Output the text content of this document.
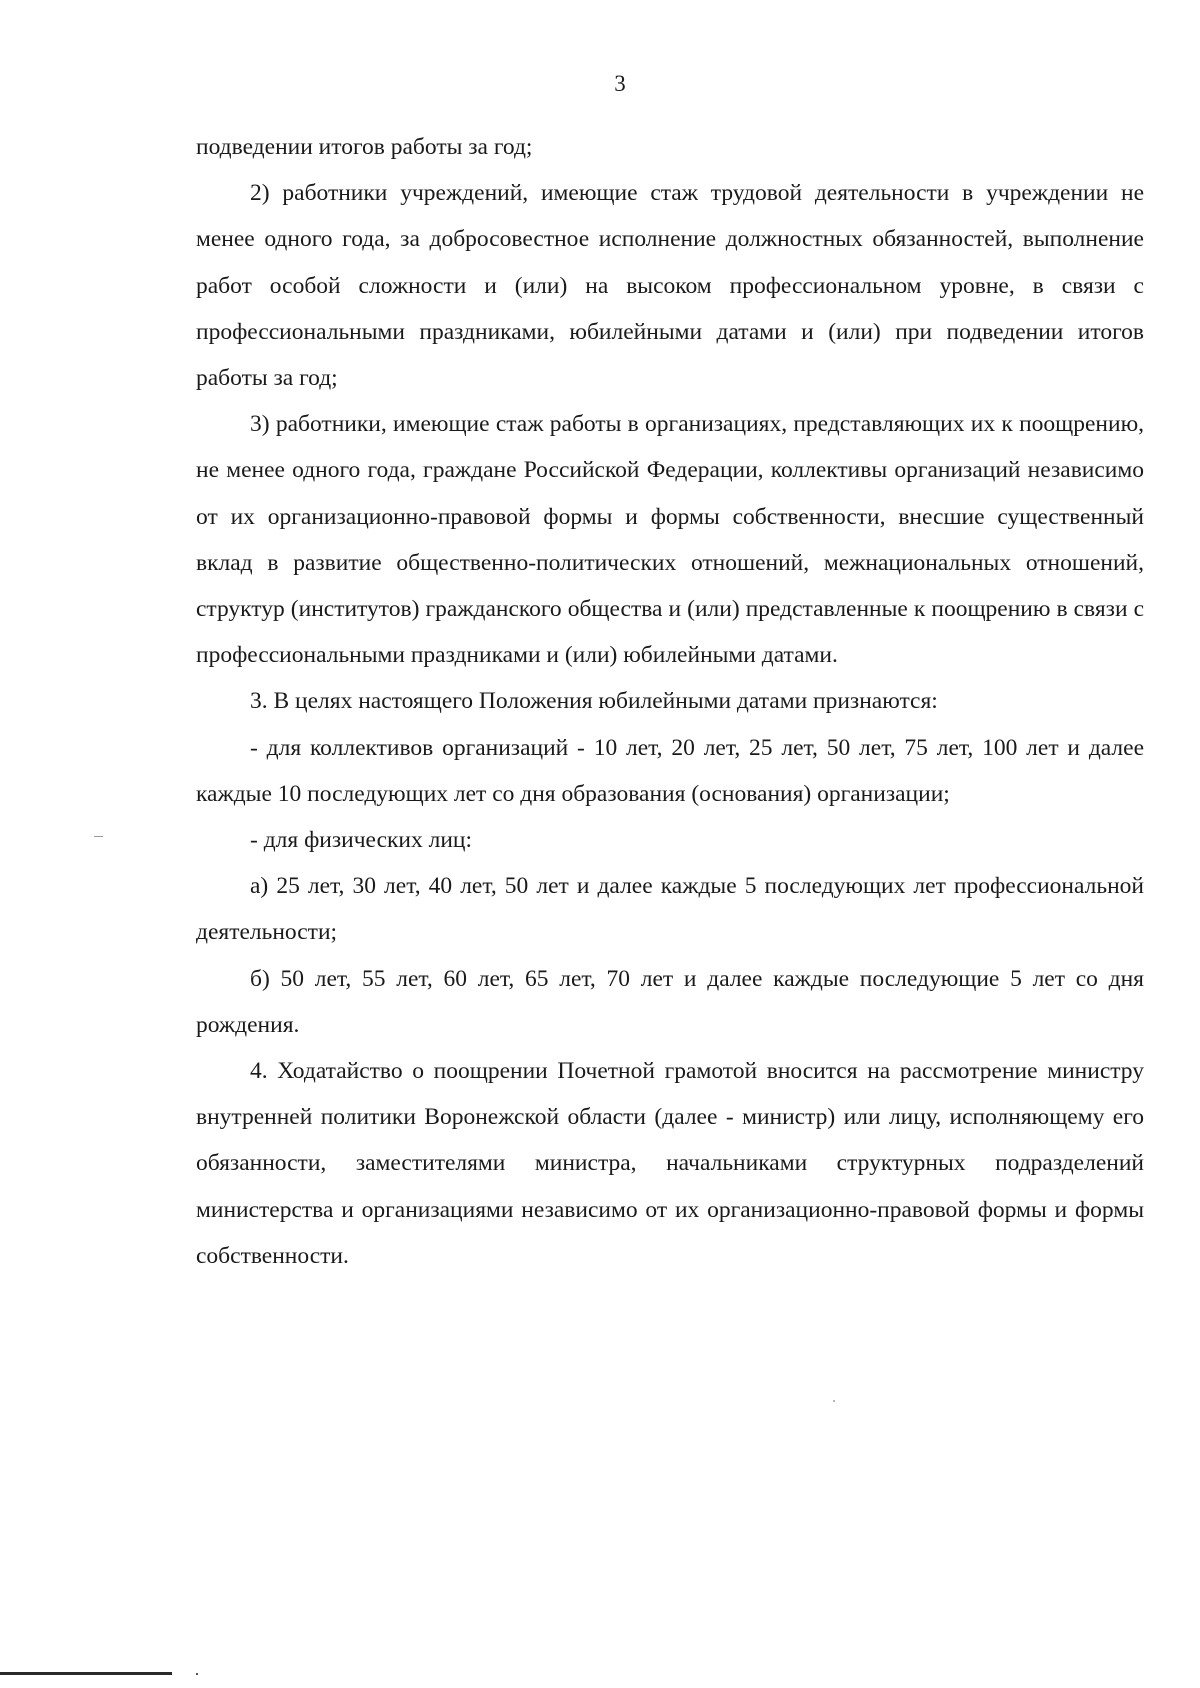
3

подведении итогов работы за год;

2) работники учреждений, имеющие стаж трудовой деятельности в учреждении не менее одного года, за добросовестное исполнение должностных обязанностей, выполнение работ особой сложности и (или) на высоком профессиональном уровне, в связи с профессиональными праздниками, юбилейными датами и (или) при подведении итогов работы за год;

3) работники, имеющие стаж работы в организациях, представляющих их к поощрению, не менее одного года, граждане Российской Федерации, коллективы организаций независимо от их организационно-правовой формы и формы собственности, внесшие существенный вклад в развитие общественно-политических отношений, межнациональных отношений, структур (институтов) гражданского общества и (или) представленные к поощрению в связи с профессиональными праздниками и (или) юбилейными датами.

3. В целях настоящего Положения юбилейными датами признаются:

- для коллективов организаций - 10 лет, 20 лет, 25 лет, 50 лет, 75 лет, 100 лет и далее каждые 10 последующих лет со дня образования (основания) организации;

- для физических лиц:

а) 25 лет, 30 лет, 40 лет, 50 лет и далее каждые 5 последующих лет профессиональной деятельности;

б) 50 лет, 55 лет, 60 лет, 65 лет, 70 лет и далее каждые последующие 5 лет со дня рождения.

4. Ходатайство о поощрении Почетной грамотой вносится на рассмотрение министру внутренней политики Воронежской области (далее - министр) или лицу, исполняющему его обязанности, заместителями министра, начальниками структурных подразделений министерства и организациями независимо от их организационно-правовой формы и формы собственности.
